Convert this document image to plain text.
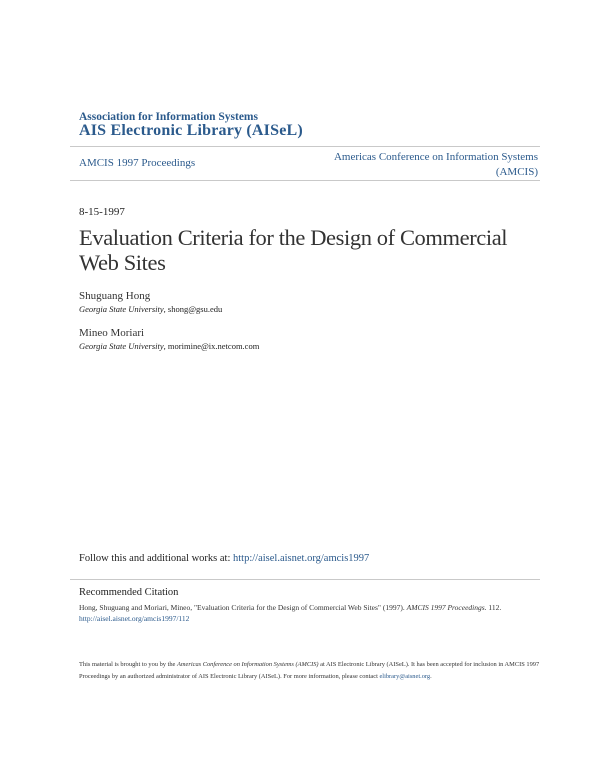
Association for Information Systems
AIS Electronic Library (AISeL)
AMCIS 1997 Proceedings	Americas Conference on Information Systems (AMCIS)
8-15-1997
Evaluation Criteria for the Design of Commercial Web Sites
Shuguang Hong
Georgia State University, shong@gsu.edu
Mineo Moriari
Georgia State University, morimine@ix.netcom.com
Follow this and additional works at: http://aisel.aisnet.org/amcis1997
Recommended Citation
Hong, Shuguang and Moriari, Mineo, "Evaluation Criteria for the Design of Commercial Web Sites" (1997). AMCIS 1997 Proceedings. 112.
http://aisel.aisnet.org/amcis1997/112
This material is brought to you by the Americas Conference on Information Systems (AMCIS) at AIS Electronic Library (AISeL). It has been accepted for inclusion in AMCIS 1997 Proceedings by an authorized administrator of AIS Electronic Library (AISeL). For more information, please contact elibrary@aisnet.org.
